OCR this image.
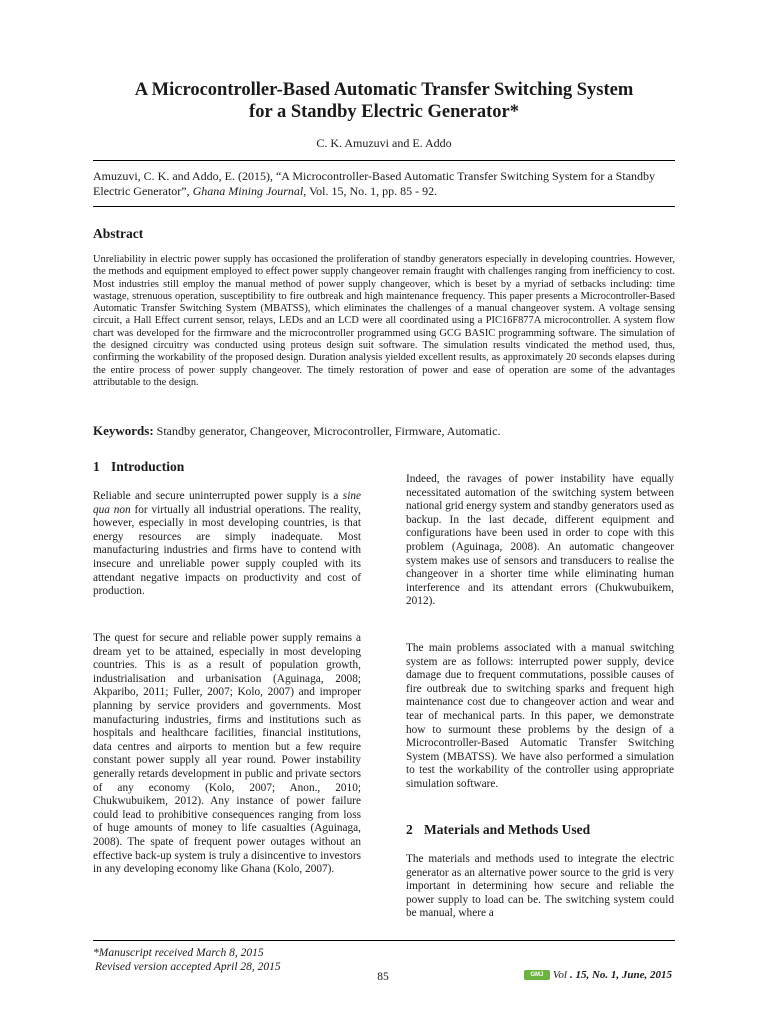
A Microcontroller-Based Automatic Transfer Switching System
for a Standby Electric Generator*
C. K. Amuzuvi and E. Addo
Amuzuvi, C. K. and Addo, E. (2015), “A Microcontroller-Based Automatic Transfer Switching System for a Standby Electric Generator”, Ghana Mining Journal, Vol. 15, No. 1, pp. 85 - 92.
Abstract
Unreliability in electric power supply has occasioned the proliferation of standby generators especially in developing countries. However, the methods and equipment employed to effect power supply changeover remain fraught with challenges ranging from inefficiency to cost. Most industries still employ the manual method of power supply changeover, which is beset by a myriad of setbacks including: time wastage, strenuous operation, susceptibility to fire outbreak and high maintenance frequency. This paper presents a Microcontroller-Based Automatic Transfer Switching System (MBATSS), which eliminates the challenges of a manual changeover system. A voltage sensing circuit, a Hall Effect current sensor, relays, LEDs and an LCD were all coordinated using a PIC16F877A microcontroller. A system flow chart was developed for the firmware and the microcontroller programmed using GCG BASIC programming software. The simulation of the designed circuitry was conducted using proteus design suit software. The simulation results vindicated the method used, thus, confirming the workability of the proposed design. Duration analysis yielded excellent results, as approximately 20 seconds elapses during the entire process of power supply changeover. The timely restoration of power and ease of operation are some of the advantages attributable to the design.
Keywords: Standby generator, Changeover, Microcontroller, Firmware, Automatic.
1 Introduction
Reliable and secure uninterrupted power supply is a sine qua non for virtually all industrial operations. The reality, however, especially in most developing countries, is that energy resources are simply inadequate. Most manufacturing industries and firms have to contend with insecure and unreliable power supply coupled with its attendant negative impacts on productivity and cost of production.
The quest for secure and reliable power supply remains a dream yet to be attained, especially in most developing countries. This is as a result of population growth, industrialisation and urbanisation (Aguinaga, 2008; Akparibo, 2011; Fuller, 2007; Kolo, 2007) and improper planning by service providers and governments. Most manufacturing industries, firms and institutions such as hospitals and healthcare facilities, financial institutions, data centres and airports to mention but a few require constant power supply all year round. Power instability generally retards development in public and private sectors of any economy (Kolo, 2007; Anon., 2010; Chukwubuikem, 2012). Any instance of power failure could lead to prohibitive consequences ranging from loss of huge amounts of money to life casualties (Aguinaga, 2008). The spate of frequent power outages without an effective back-up system is truly a disincentive to investors in any developing economy like Ghana (Kolo, 2007).
Indeed, the ravages of power instability have equally necessitated automation of the switching system between national grid energy system and standby generators used as backup. In the last decade, different equipment and configurations have been used in order to cope with this problem (Aguinaga, 2008). An automatic changeover system makes use of sensors and transducers to realise the changeover in a shorter time while eliminating human interference and its attendant errors (Chukwubuikem, 2012).
The main problems associated with a manual switching system are as follows: interrupted power supply, device damage due to frequent commutations, possible causes of fire outbreak due to switching sparks and frequent high maintenance cost due to changeover action and wear and tear of mechanical parts. In this paper, we demonstrate how to surmount these problems by the design of a Microcontroller-Based Automatic Transfer Switching System (MBATSS). We have also performed a simulation to test the workability of the controller using appropriate simulation software.
2 Materials and Methods Used
The materials and methods used to integrate the electric generator as an alternative power source to the grid is very important in determining how secure and reliable the power supply to load can be. The switching system could be manual, where a
*Manuscript received March 8, 2015
Revised version accepted April 28, 2015
85	GMJ Vol . 15, No. 1, June, 2015
